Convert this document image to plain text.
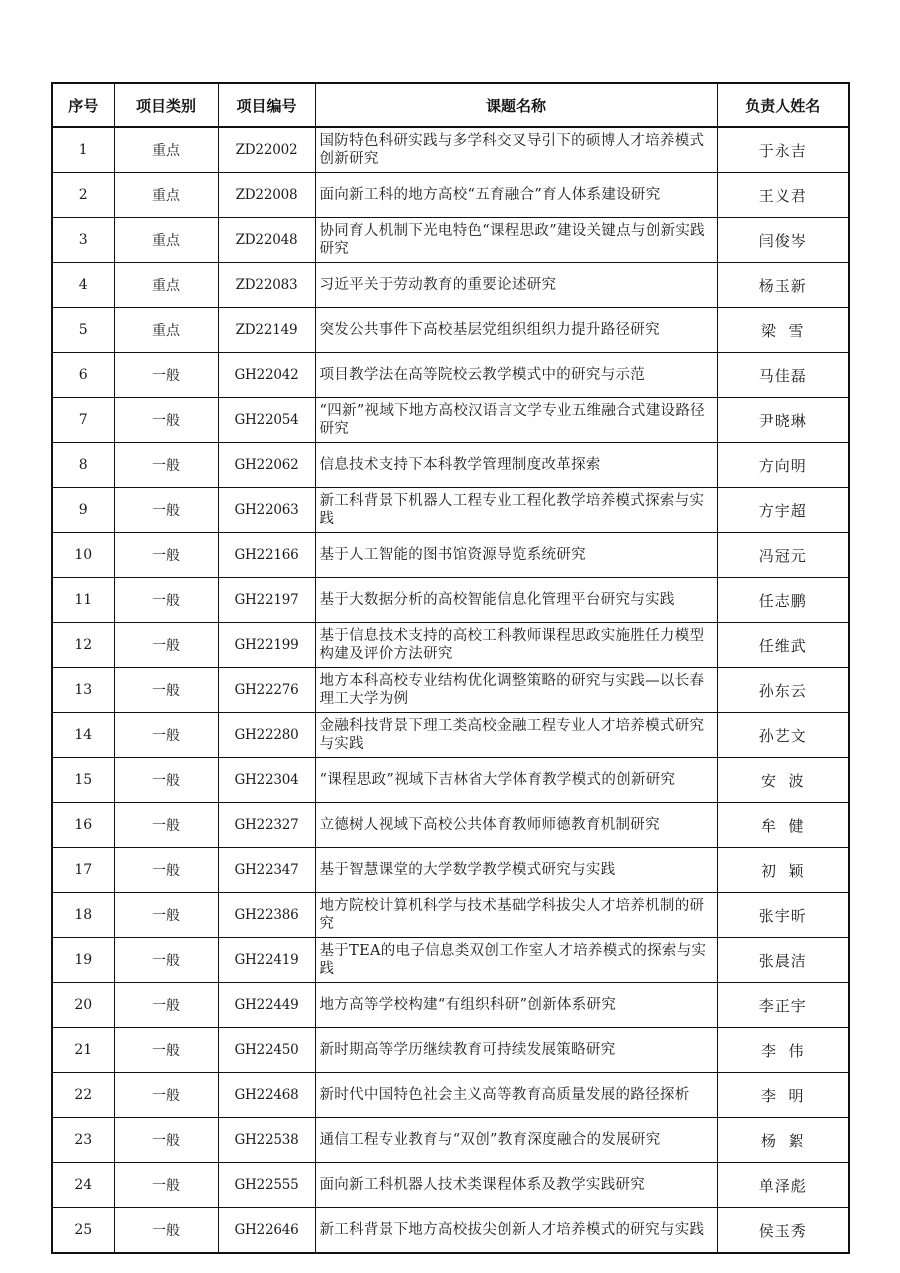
序号	项目类别	项目编号	课题名称	负责人姓名
1	重点	ZD22002	国防特色科研实践与多学科交叉导引下的硕博人才培养模式创新研究	于永吉
2	重点	ZD22008	面向新工科的地方高校“五育融合”育人体系建设研究	王义君
3	重点	ZD22048	协同育人机制下光电特色“课程思政”建设关键点与创新实践研究	闫俊岑
4	重点	ZD22083	习近平关于劳动教育的重要论述研究	杨玉新
5	重点	ZD22149	突发公共事件下高校基层党组织组织力提升路径研究	梁  雪
6	一般	GH22042	项目教学法在高等院校云教学模式中的研究与示范	马佳磊
7	一般	GH22054	“四新”视域下地方高校汉语言文学专业五维融合式建设路径研究	尹晓琳
8	一般	GH22062	信息技术支持下本科教学管理制度改革探索	方向明
9	一般	GH22063	新工科背景下机器人工程专业工程化教学培养模式探索与实践	方宇超
10	一般	GH22166	基于人工智能的图书馆资源导览系统研究	冯冠元
11	一般	GH22197	基于大数据分析的高校智能信息化管理平台研究与实践	任志鹏
12	一般	GH22199	基于信息技术支持的高校工科教师课程思政实施胜任力模型构建及评价方法研究	任维武
13	一般	GH22276	地方本科高校专业结构优化调整策略的研究与实践—以长春理工大学为例	孙东云
14	一般	GH22280	金融科技背景下理工类高校金融工程专业人才培养模式研究与实践	孙艺文
15	一般	GH22304	“课程思政”视域下吉林省大学体育教学模式的创新研究	安  波
16	一般	GH22327	立德树人视域下高校公共体育教师师德教育机制研究	牟  健
17	一般	GH22347	基于智慧课堂的大学数学教学模式研究与实践	初  颖
18	一般	GH22386	地方院校计算机科学与技术基础学科拔尖人才培养机制的研究	张宇昕
19	一般	GH22419	基于TEA的电子信息类双创工作室人才培养模式的探索与实践	张晨洁
20	一般	GH22449	地方高等学校构建“有组织科研”创新体系研究	李正宇
21	一般	GH22450	新时期高等学历继续教育可持续发展策略研究	李  伟
22	一般	GH22468	新时代中国特色社会主义高等教育高质量发展的路径探析	李  明
23	一般	GH22538	通信工程专业教育与“双创”教育深度融合的发展研究	杨  絮
24	一般	GH22555	面向新工科机器人技术类课程体系及教学实践研究	单泽彪
25	一般	GH22646	新工科背景下地方高校拔尖创新人才培养模式的研究与实践	侯玉秀
